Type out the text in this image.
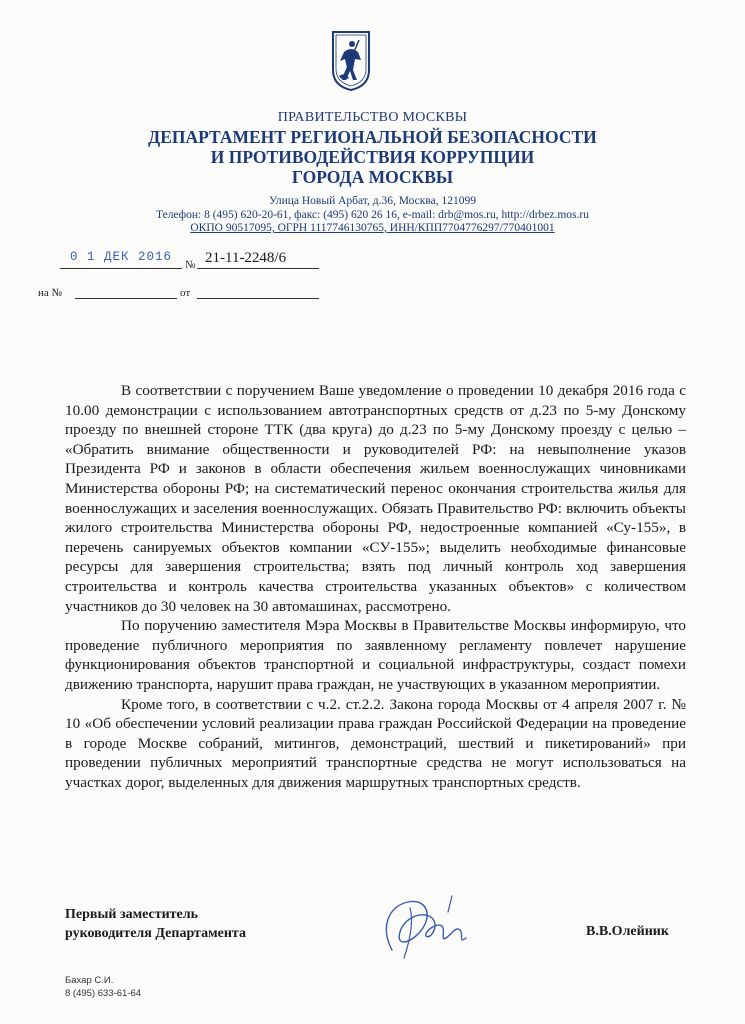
ПРАВИТЕЛЬСТВО МОСКВЫ
ДЕПАРТАМЕНТ РЕГИОНАЛЬНОЙ БЕЗОПАСНОСТИ
И ПРОТИВОДЕЙСТВИЯ КОРРУПЦИИ
ГОРОДА МОСКВЫ
Улица Новый Арбат, д.36, Москва, 121099
Телефон: 8 (495) 620-20-61, факс: (495) 620 26 16, e-mail: drb@mos.ru, http://drbez.mos.ru
ОКПО 90517095, ОГРН 1117746130765, ИНН/КПП7704776297/770401001
0 1 ДЕК 2016
№ 21-11-2248/6
на №	от

В соответствии с поручением Ваше уведомление о проведении 10 декабря 2016 года с 10.00 демонстрации с использованием автотранспортных средств от д.23 по 5-му Донскому проезду по внешней стороне ТТК (два круга) до д.23 по 5-му Донскому проезду с целью – «Обратить внимание общественности и руководителей РФ: на невыполнение указов Президента РФ и законов в области обеспечения жильем военнослужащих чиновниками Министерства обороны РФ; на систематический перенос окончания строительства жилья для военнослужащих и заселения военнослужащих. Обязать Правительство РФ: включить объекты жилого строительства Министерства обороны РФ, недостроенные компанией «Су-155», в перечень санируемых объектов компании «СУ-155»; выделить необходимые финансовые ресурсы для завершения строительства; взять под личный контроль ход завершения строительства и контроль качества строительства указанных объектов» с количеством участников до 30 человек на 30 автомашинах, рассмотрено.

По поручению заместителя Мэра Москвы в Правительстве Москвы информирую, что проведение публичного мероприятия по заявленному регламенту повлечет нарушение функционирования объектов транспортной и социальной инфраструктуры, создаст помехи движению транспорта, нарушит права граждан, не участвующих в указанном мероприятии.

Кроме того, в соответствии с ч.2. ст.2.2. Закона города Москвы от 4 апреля 2007 г. № 10 «Об обеспечении условий реализации права граждан Российской Федерации на проведение в городе Москве собраний, митингов, демонстраций, шествий и пикетирований» при проведении публичных мероприятий транспортные средства не могут использоваться на участках дорог, выделенных для движения маршрутных транспортных средств.

Первый заместитель
руководителя Департамента	В.В.Олейник
Бахар С.И.
8 (495) 633-61-64
